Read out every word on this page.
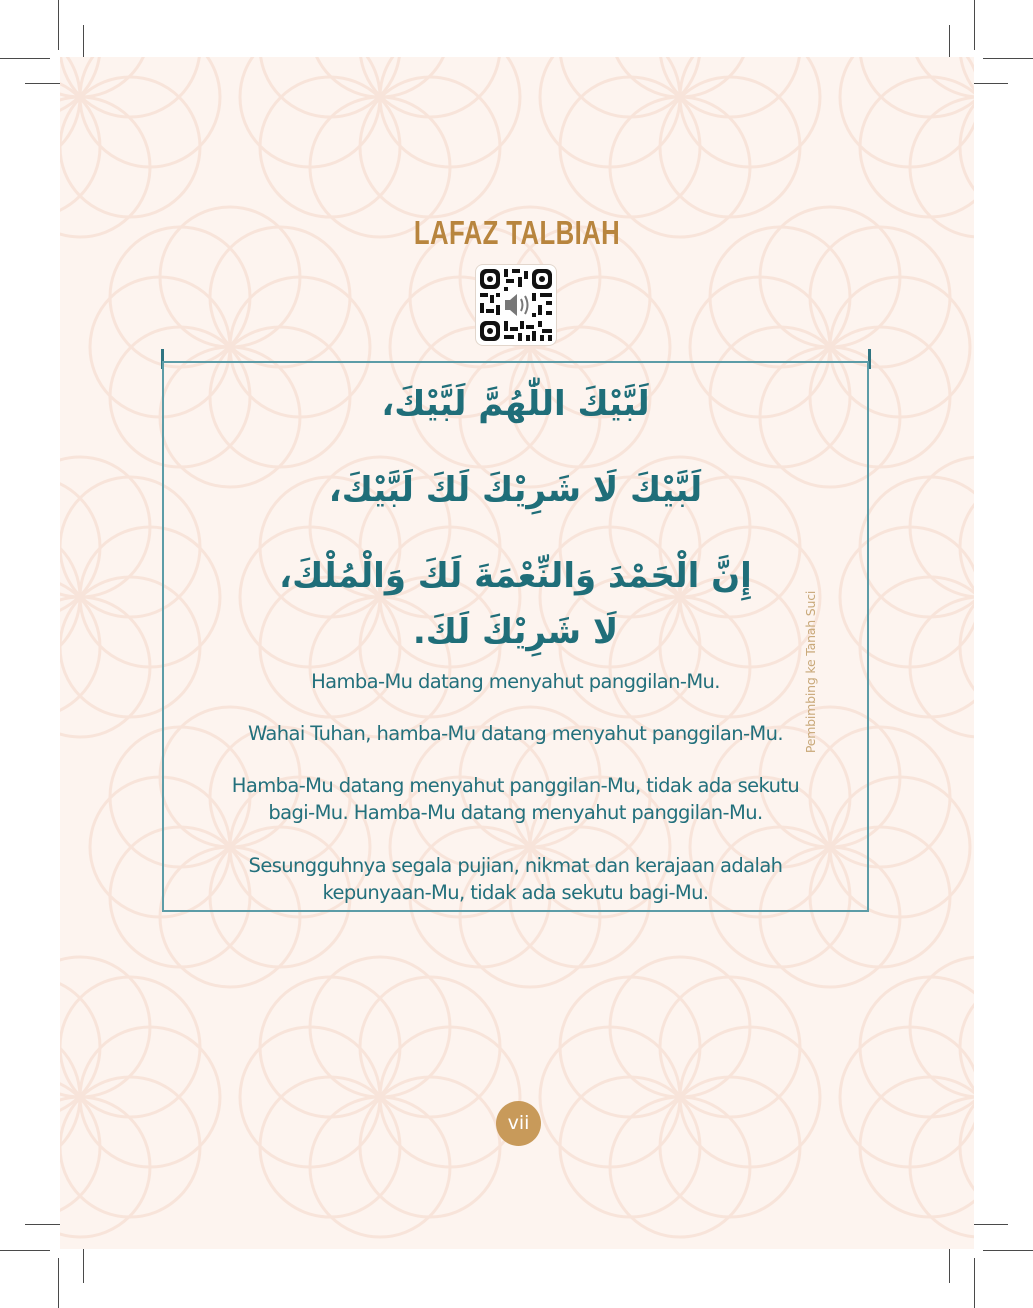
Pembimbing ke Tanah Suci
LAFAZ TALBIAH
لَبَّيْكَ اللّٰهُمَّ لَبَّيْكَ،
لَبَّيْكَ لَا شَرِيْكَ لَكَ لَبَّيْكَ،
إِنَّ الْحَمْدَ وَالنِّعْمَةَ لَكَ وَالْمُلْكَ،
لَا شَرِيْكَ لَكَ.
Hamba-Mu datang menyahut panggilan-Mu.
Wahai Tuhan, hamba-Mu datang menyahut panggilan-Mu.
Hamba-Mu datang menyahut panggilan-Mu, tidak ada sekutu
bagi-Mu. Hamba-Mu datang menyahut panggilan-Mu.
Sesungguhnya segala pujian, nikmat dan kerajaan adalah
kepunyaan-Mu, tidak ada sekutu bagi-Mu.
vii
